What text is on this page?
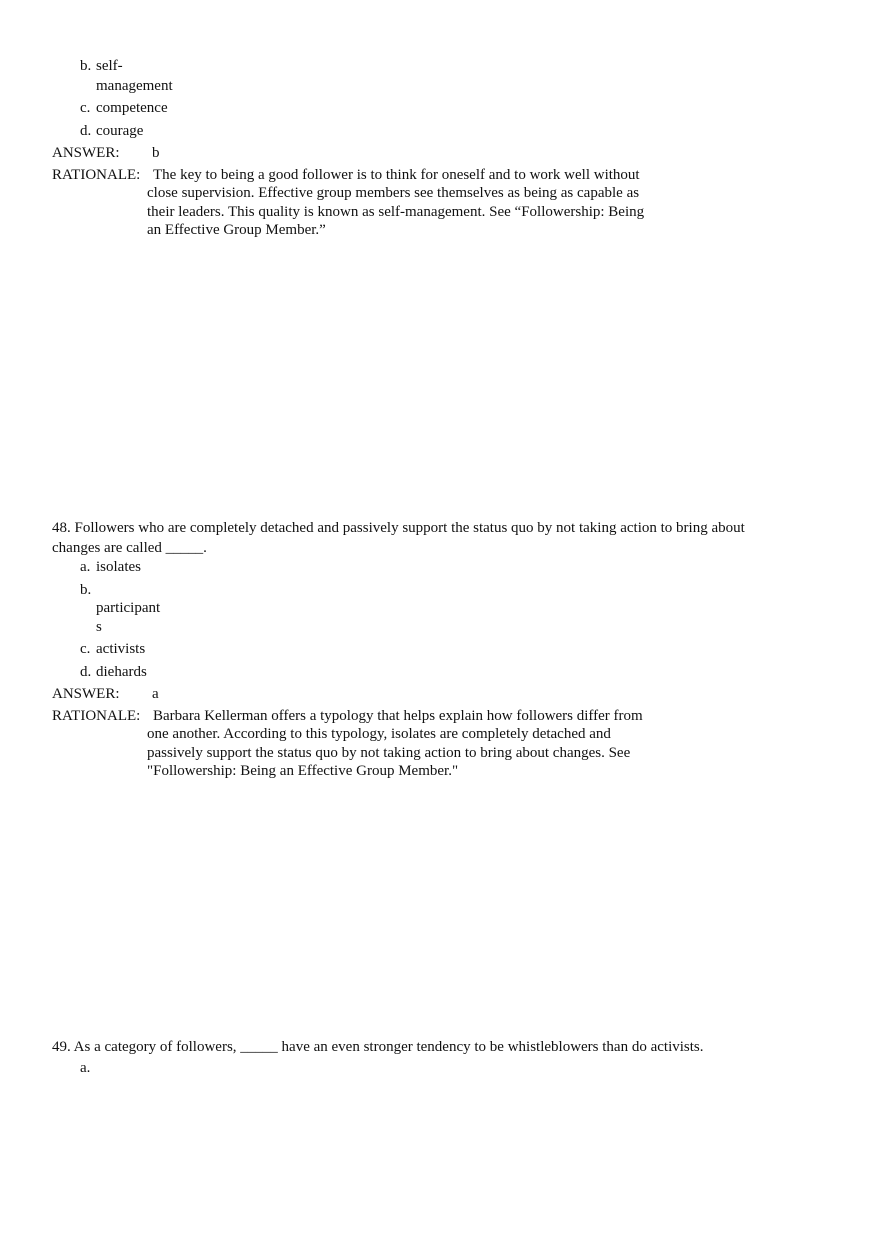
b. self-
management
c. competence
d. courage
ANSWER: b
RATIONALE: The key to being a good follower is to think for oneself and to work well without
close supervision. Effective group members see themselves as being as capable as
their leaders. This quality is known as self-management. See “Followership: Being
an Effective Group Member.”
48. Followers who are completely detached and passively support the status quo by not taking action to bring about
changes are called _____.
a. isolates
b.
participant
s
c. activists
d. diehards
ANSWER: a
RATIONALE: Barbara Kellerman offers a typology that helps explain how followers differ from
one another. According to this typology, isolates are completely detached and
passively support the status quo by not taking action to bring about changes. See
"Followership: Being an Effective Group Member."
49. As a category of followers, _____ have an even stronger tendency to be whistleblowers than do activists.
a.
